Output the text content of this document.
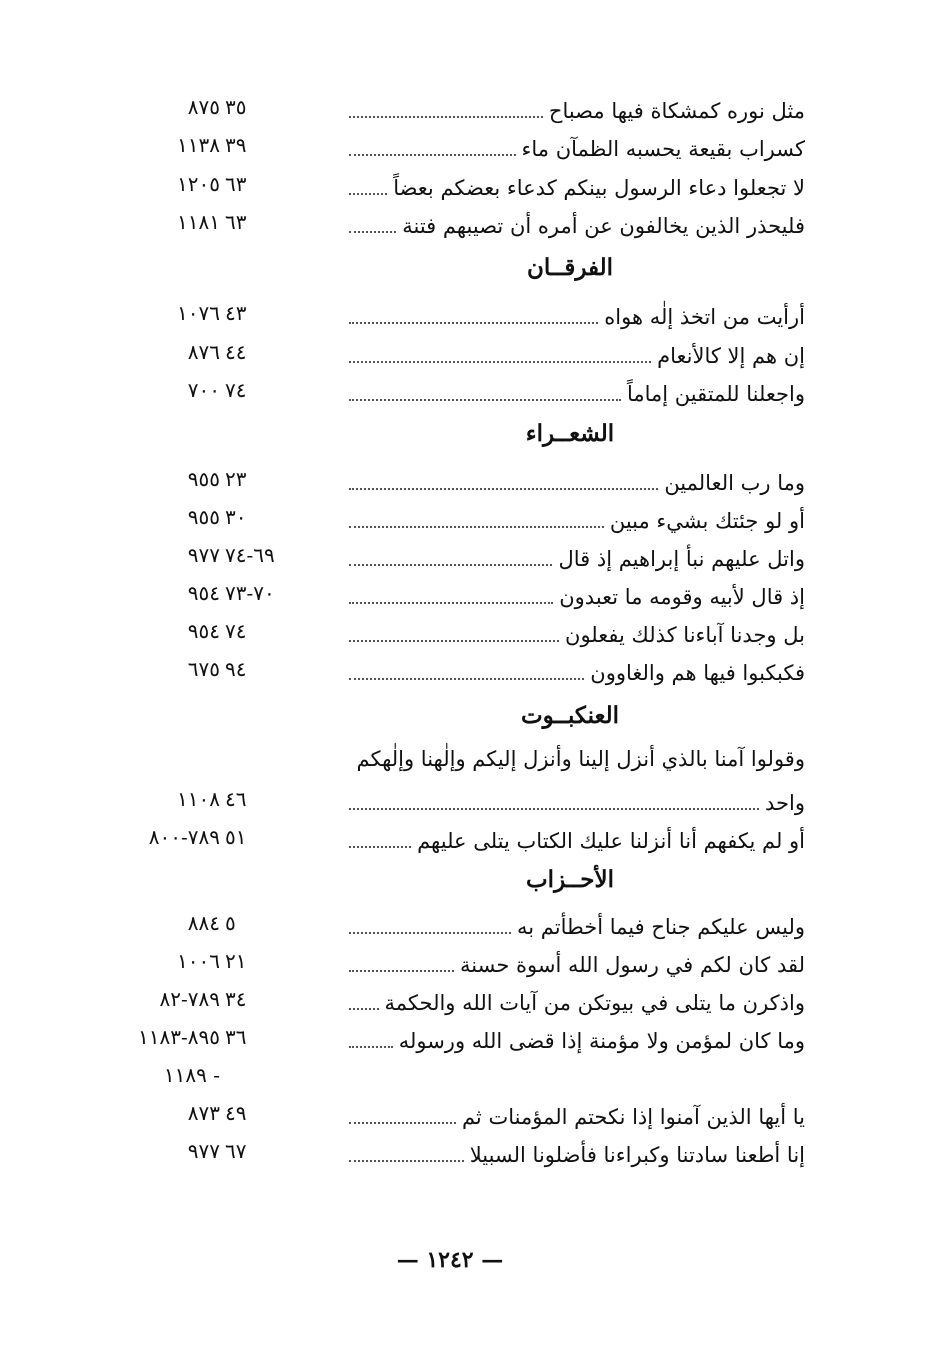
مثل نوره كمشكاة فيها مصباح
٣٥
٨٧٥
كسراب بقيعة يحسبه الظمآن ماء
٣٩
١١٣٨
لا تجعلوا دعاء الرسول بينكم كدعاء بعضكم بعضاً
٦٣
١٢٠٥
فليحذر الذين يخالفون عن أمره أن تصيبهم فتنة
٦٣
١١٨١
الفرقــان
أرأيت من اتخذ إلٰه هواه
٤٣
١٠٧٦
إن هم إلا كالأنعام
٤٤
٨٧٦
واجعلنا للمتقين إماماً
٧٤
٧٠٠
الشعــراء
وما رب العالمين
٢٣
٩٥٥
أو لو جئتك بشيء مبين
٣٠
٩٥٥
واتل عليهم نبأ إبراهيم إذ قال
٦٩-٧٤
٩٧٧
إذ قال لأبيه وقومه ما تعبدون
٧٠-٧٣
٩٥٤
بل وجدنا آباءنا كذلك يفعلون
٧٤
٩٥٤
فكبكبوا فيها هم والغاوون
٩٤
٦٧٥
العنكبــوت
وقولوا آمنا بالذي أنزل إلينا وأنزل إليكم وإلٰهنا وإلٰهكم
واحد
٤٦
١١٠٨
أو لم يكفهم أنا أنزلنا عليك الكتاب يتلى عليهم
٥١
٧٨٩-٨٠٠
الأحــزاب
وليس عليكم جناح فيما أخطأتم به
٥
٨٨٤
لقد كان لكم في رسول الله أسوة حسنة
٢١
١٠٠٦
واذكرن ما يتلى في بيوتكن من آيات الله والحكمة
٣٤
٧٨٩-٨٢
وما كان لمؤمن ولا مؤمنة إذا قضى الله ورسوله
٣٦
٨٩٥-١١٨٣
- ١١٨٩
يا أيها الذين آمنوا إذا نكحتم المؤمنات ثم
٤٩
٨٧٣
إنا أطعنا سادتنا وكبراءنا فأضلونا السبيلا
٦٧
٩٧٧
— ١٢٤٢ —
